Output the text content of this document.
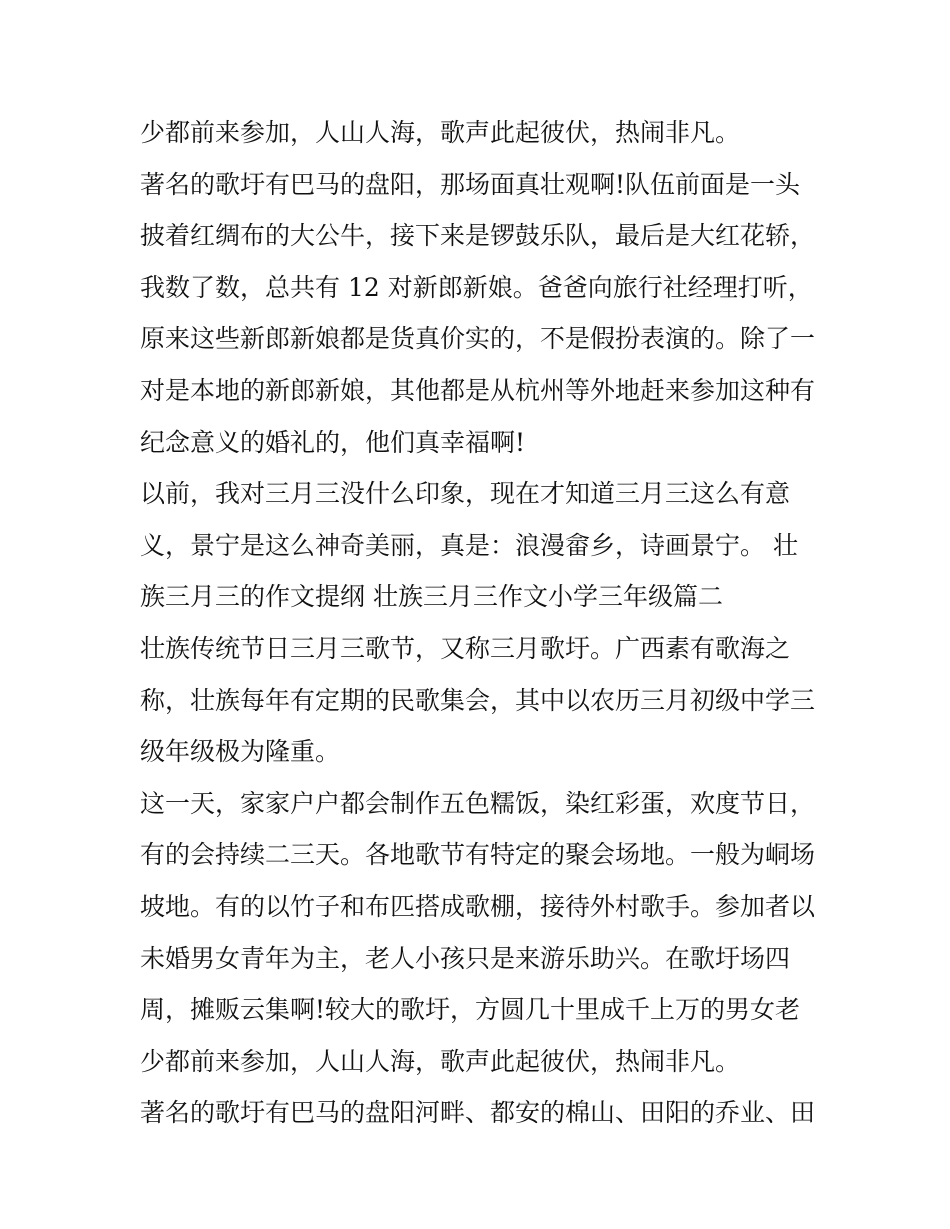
少都前来参加，人山人海，歌声此起彼伏，热闹非凡。
著名的歌圩有巴马的盘阳，那场面真壮观啊!队伍前面是一头
披着红绸布的大公牛，接下来是锣鼓乐队，最后是大红花轿，
我数了数，总共有 12 对新郎新娘。爸爸向旅行社经理打听，
原来这些新郎新娘都是货真价实的，不是假扮表演的。除了一
对是本地的新郎新娘，其他都是从杭州等外地赶来参加这种有
纪念意义的婚礼的，他们真幸福啊!
以前，我对三月三没什么印象，现在才知道三月三这么有意
义，景宁是这么神奇美丽，真是：浪漫畲乡，诗画景宁。 壮
族三月三的作文提纲 壮族三月三作文小学三年级篇二
壮族传统节日三月三歌节，又称三月歌圩。广西素有歌海之
称，壮族每年有定期的民歌集会，其中以农历三月初级中学三
级年级极为隆重。
这一天，家家户户都会制作五色糯饭，染红彩蛋，欢度节日，
有的会持续二三天。各地歌节有特定的聚会场地。一般为峒场
坡地。有的以竹子和布匹搭成歌棚，接待外村歌手。参加者以
未婚男女青年为主，老人小孩只是来游乐助兴。在歌圩场四
周，摊贩云集啊!较大的歌圩，方圆几十里成千上万的男女老
少都前来参加，人山人海，歌声此起彼伏，热闹非凡。
著名的歌圩有巴马的盘阳河畔、都安的棉山、田阳的乔业、田
